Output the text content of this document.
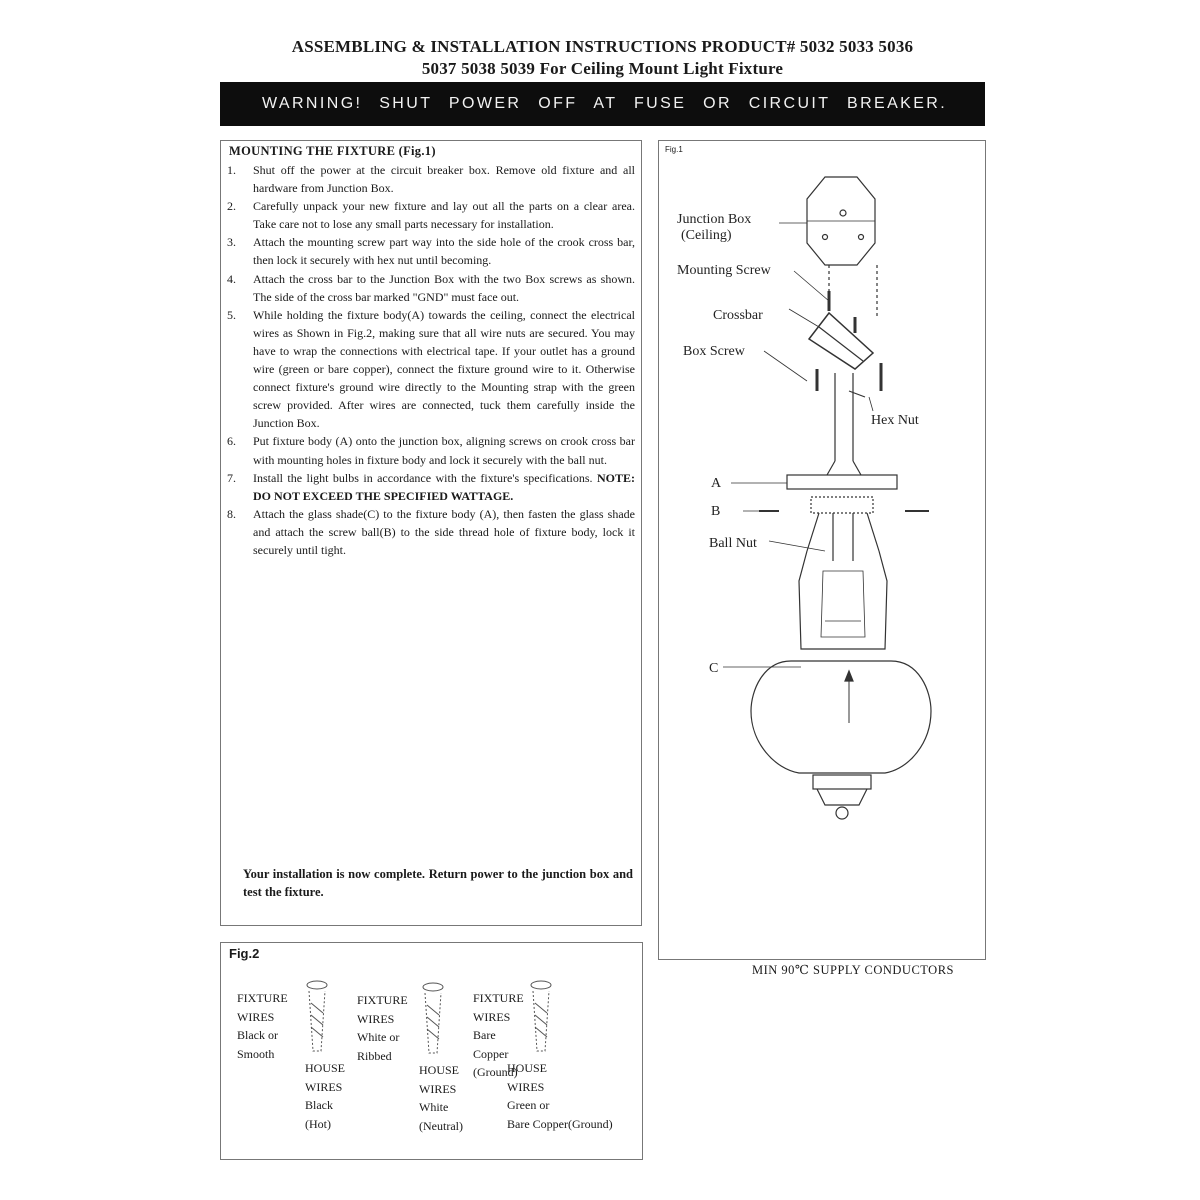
ASSEMBLING & INSTALLATION INSTRUCTIONS PRODUCT# 5032 5033 5036
5037 5038 5039 For Ceiling Mount Light Fixture
WARNING! SHUT POWER OFF AT FUSE OR CIRCUIT BREAKER.
MOUNTING THE FIXTURE (Fig.1)
1.	Shut off the power at the circuit breaker box. Remove old fixture and all hardware from Junction Box.
2.	Carefully unpack your new fixture and lay out all the parts on a clear area. Take care not to lose any small parts necessary for installation.
3.	Attach the mounting screw part way into the side hole of the crook cross bar, then lock it securely with hex nut until becoming.
4.	Attach the cross bar to the Junction Box with the two Box screws as shown. The side of the cross bar marked "GND" must face out.
5.	While holding the fixture body(A) towards the ceiling, connect the electrical wires as Shown in Fig.2, making sure that all wire nuts are secured. You may have to wrap the connections with electrical tape. If your outlet has a ground wire (green or bare copper), connect the fixture ground wire to it. Otherwise connect fixture's ground wire directly to the Mounting strap with the green screw provided. After wires are connected, tuck them carefully inside the Junction Box.
6.	Put fixture body (A) onto the junction box, aligning screws on crook cross bar with mounting holes in fixture body and lock it securely with the ball nut.
7.	Install the light bulbs in accordance with the fixture's specifications. NOTE: DO NOT EXCEED THE SPECIFIED WATTAGE.
8.	Attach the glass shade(C) to the fixture body (A), then fasten the glass shade and attach the screw ball(B) to the side thread hole of fixture body, lock it securely until tight.
Your installation is now complete. Return power to the junction box and test the fixture.
Fig.1
Junction Box
(Ceiling)
Mounting Screw
Crossbar
Box Screw
Hex Nut
A
B
Ball Nut
C
MIN 90℃ SUPPLY CONDUCTORS
Fig.2
FIXTURE
WIRES
Black or
Smooth
FIXTURE
WIRES
White or
Ribbed
FIXTURE
WIRES
Bare
Copper
(Ground)
HOUSE
WIRES
Black
(Hot)
HOUSE
WIRES
White
(Neutral)
HOUSE
WIRES
Green or
Bare Copper(Ground)
